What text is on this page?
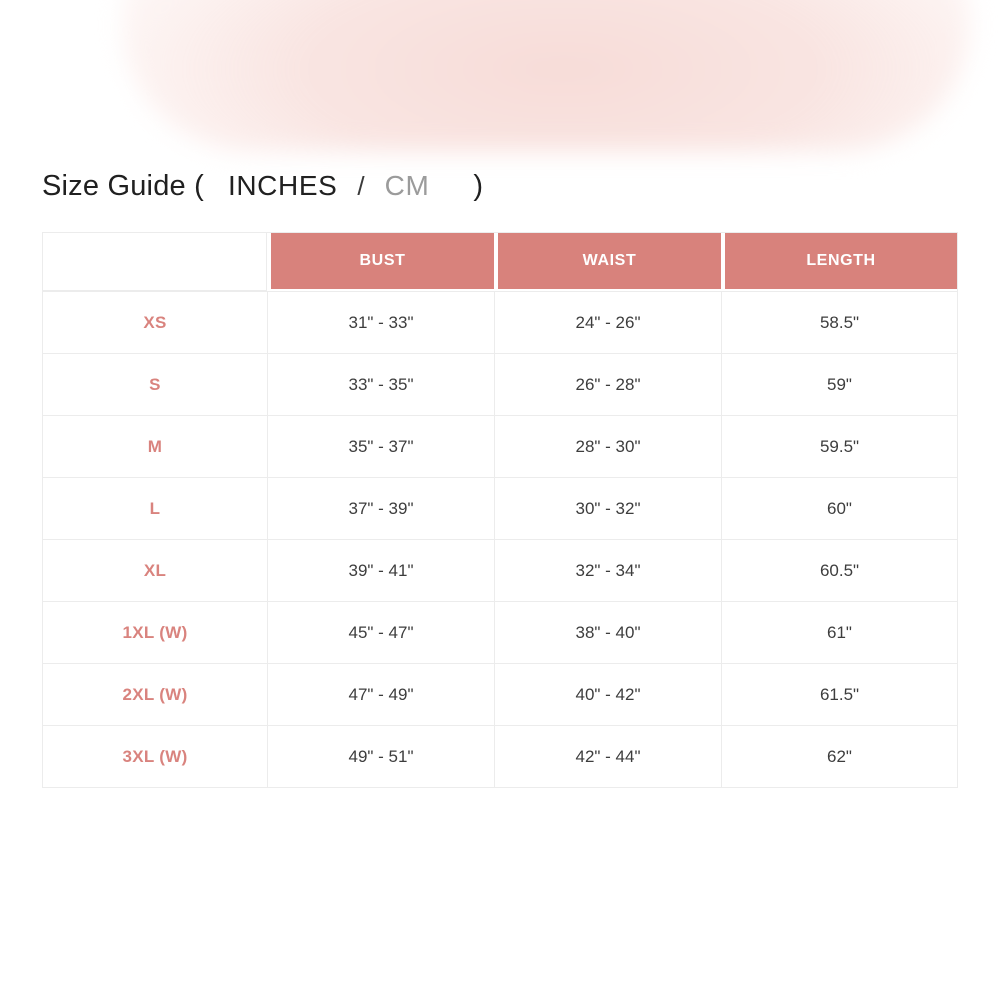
Size Guide ( INCHES / CM )
	BUST	WAIST	LENGTH
XS	31" - 33"	24" - 26"	58.5"
S	33" - 35"	26" - 28"	59"
M	35" - 37"	28" - 30"	59.5"
L	37" - 39"	30" - 32"	60"
XL	39" - 41"	32" - 34"	60.5"
1XL (W)	45" - 47"	38" - 40"	61"
2XL (W)	47" - 49"	40" - 42"	61.5"
3XL (W)	49" - 51"	42" - 44"	62"
